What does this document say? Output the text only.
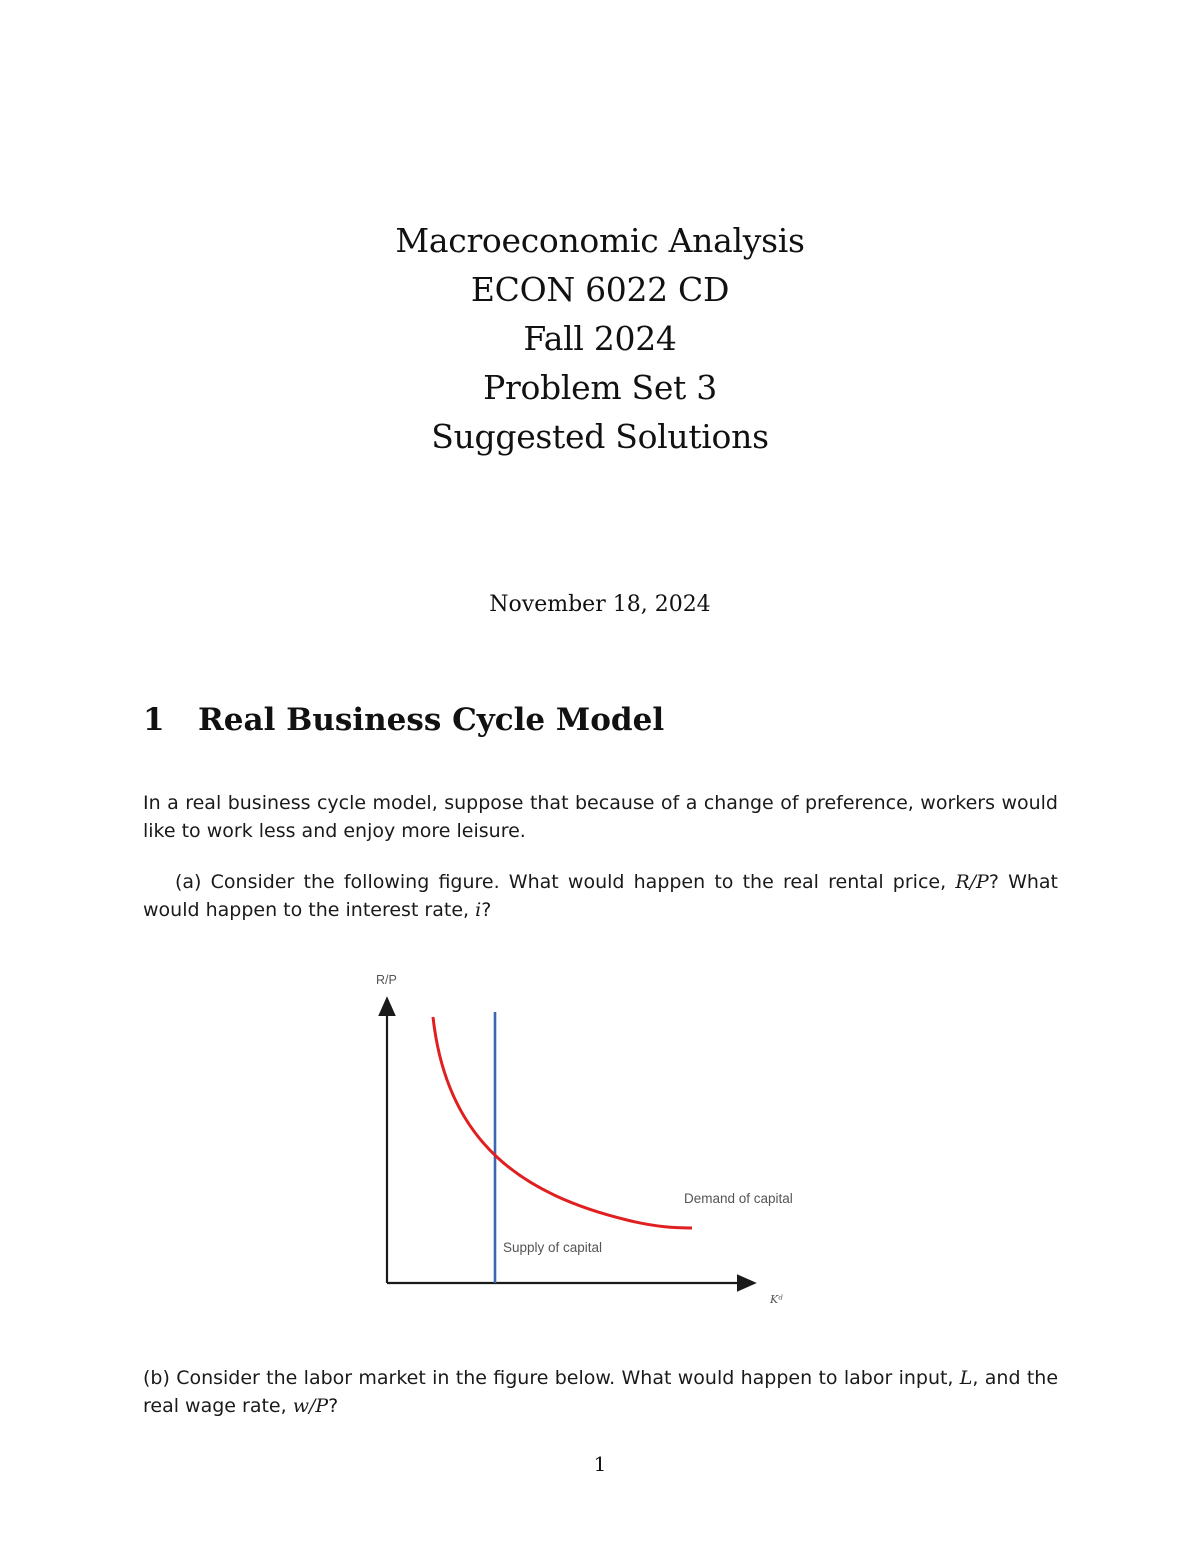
Macroeconomic Analysis
ECON 6022 CD
Fall 2024
Problem Set 3
Suggested Solutions
November 18, 2024
1 Real Business Cycle Model
In a real business cycle model, suppose that because of a change of preference, workers would like to work less and enjoy more leisure.
(a) Consider the following figure. What would happen to the real rental price, R/P? What would happen to the interest rate, i?
R/P
Kᵈ
Demand of capital
Supply of capital
(b) Consider the labor market in the figure below. What would happen to labor input, L, and the real wage rate, w/P?
1
